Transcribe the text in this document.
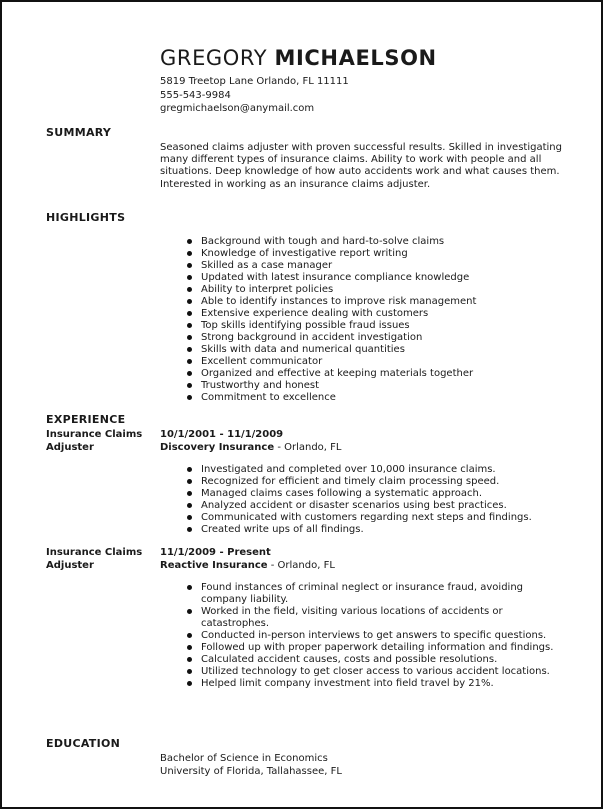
GREGORY MICHAELSON
5819 Treetop Lane Orlando, FL 11111
555-543-9984
gregmichaelson@anymail.com
SUMMARY
Seasoned claims adjuster with proven successful results. Skilled in investigating many different types of insurance claims. Ability to work with people and all situations. Deep knowledge of how auto accidents work and what causes them. Interested in working as an insurance claims adjuster.
HIGHLIGHTS
Background with tough and hard-to-solve claims
Knowledge of investigative report writing
Skilled as a case manager
Updated with latest insurance compliance knowledge
Ability to interpret policies
Able to identify instances to improve risk management
Extensive experience dealing with customers
Top skills identifying possible fraud issues
Strong background in accident investigation
Skills with data and numerical quantities
Excellent communicator
Organized and effective at keeping materials together
Trustworthy and honest
Commitment to excellence
EXPERIENCE
Insurance Claims Adjuster
10/1/2001 - 11/1/2009
Discovery Insurance - Orlando, FL
Investigated and completed over 10,000 insurance claims.
Recognized for efficient and timely claim processing speed.
Managed claims cases following a systematic approach.
Analyzed accident or disaster scenarios using best practices.
Communicated with customers regarding next steps and findings.
Created write ups of all findings.
Insurance Claims Adjuster
11/1/2009 - Present
Reactive Insurance - Orlando, FL
Found instances of criminal neglect or insurance fraud, avoiding company liability.
Worked in the field, visiting various locations of accidents or catastrophes.
Conducted in-person interviews to get answers to specific questions.
Followed up with proper paperwork detailing information and findings.
Calculated accident causes, costs and possible resolutions.
Utilized technology to get closer access to various accident locations.
Helped limit company investment into field travel by 21%.
EDUCATION
Bachelor of Science in Economics
University of Florida, Tallahassee, FL
